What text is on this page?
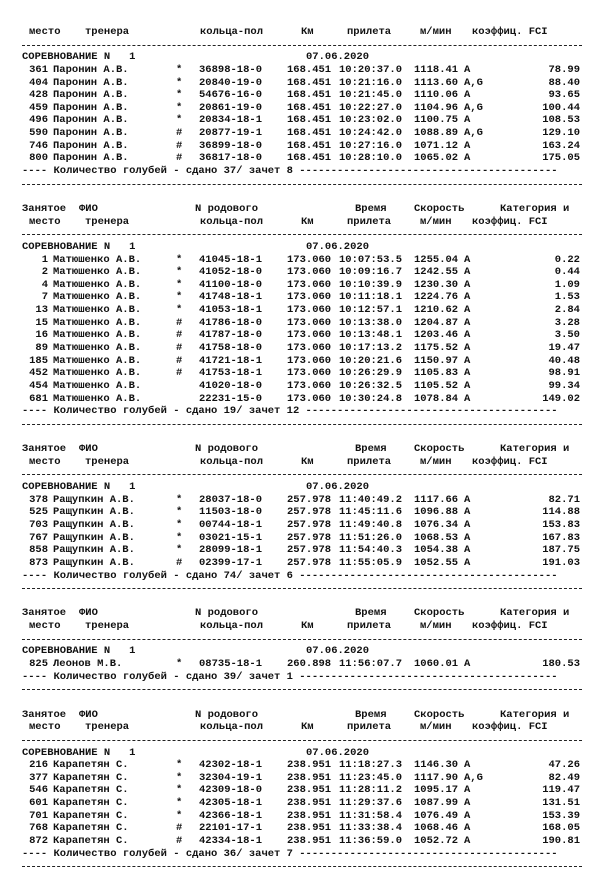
место тренера	кольца-пол	Км	прилета	м/мин коэффиц. FCI
СОРЕВНОВАНИЕ N   1	07.06.2020
361 Паронин А.В.	* 36898-18-0 168.451 10:20:37.0 1118.41 A	78.99
404 Паронин А.В.	* 20840-19-0 168.451 10:21:16.0 1113.60 A,G	88.40
428 Паронин А.В.	* 54676-16-0 168.451 10:21:45.0 1110.06 A	93.65
459 Паронин А.В.	* 20861-19-0 168.451 10:22:27.0 1104.96 A,G	100.44
496 Паронин А.В.	* 20834-18-1 168.451 10:23:02.0 1100.75 A	108.53
590 Паронин А.В.	# 20877-19-1 168.451 10:24:42.0 1088.89 A,G	129.10
746 Паронин А.В.	# 36899-18-0 168.451 10:27:16.0 1071.12 A	163.24
800 Паронин А.В.	# 36817-18-0 168.451 10:28:10.0 1065.02 A	175.05
---- Количество голубей - сдано 37/ зачет 8 -----------------------------------------
Занятое ФИО	N родового	Время	Скорость	Категория и
место тренера	кольца-пол	Км	прилета	м/мин коэффиц. FCI
СОРЕВНОВАНИЕ N   1	07.06.2020
1 Матюшенко А.В.	* 41045-18-1 173.060 10:07:53.5 1255.04 A	0.22
2 Матюшенко А.В.	* 41052-18-0 173.060 10:09:16.7 1242.55 A	0.44
4 Матюшенко А.В.	* 41100-18-0 173.060 10:10:39.9 1230.30 A	1.09
7 Матюшенко А.В.	* 41748-18-1 173.060 10:11:18.1 1224.76 A	1.53
13 Матюшенко А.В.	* 41053-18-1 173.060 10:12:57.1 1210.62 A	2.84
15 Матюшенко А.В.	# 41786-18-0 173.060 10:13:38.0 1204.87 A	3.28
16 Матюшенко А.В.	# 41787-18-0 173.060 10:13:48.1 1203.46 A	3.50
89 Матюшенко А.В.	# 41758-18-0 173.060 10:17:13.2 1175.52 A	19.47
185 Матюшенко А.В.	# 41721-18-1 173.060 10:20:21.6 1150.97 A	40.48
452 Матюшенко А.В.	# 41753-18-1 173.060 10:26:29.9 1105.83 A	98.91
454 Матюшенко А.В.	41020-18-0 173.060 10:26:32.5 1105.52 A	99.34
681 Матюшенко А.В.	22231-15-0 173.060 10:30:24.8 1078.84 A	149.02
---- Количество голубей - сдано 19/ зачет 12 ----------------------------------------
Занятое ФИО	N родового	Время	Скорость	Категория и
место тренера	кольца-пол	Км	прилета	м/мин коэффиц. FCI
СОРЕВНОВАНИЕ N   1	07.06.2020
378 Ращупкин А.В.	* 28037-18-0 257.978 11:40:49.2 1117.66 A	82.71
525 Ращупкин А.В.	* 11503-18-0 257.978 11:45:11.6 1096.88 A	114.88
703 Ращупкин А.В.	* 00744-18-1 257.978 11:49:40.8 1076.34 A	153.83
767 Ращупкин А.В.	* 03021-15-1 257.978 11:51:26.0 1068.53 A	167.83
858 Ращупкин А.В.	* 28099-18-1 257.978 11:54:40.3 1054.38 A	187.75
873 Ращупкин А.В.	# 02399-17-1 257.978 11:55:05.9 1052.55 A	191.03
---- Количество голубей - сдано 74/ зачет 6 -----------------------------------------
Занятое ФИО	N родового	Время	Скорость	Категория и
место тренера	кольца-пол	Км	прилета	м/мин коэффиц. FCI
СОРЕВНОВАНИЕ N   1	07.06.2020
825 Леонов М.В.	* 08735-18-1 260.898 11:56:07.7 1060.01 A	180.53
---- Количество голубей - сдано 39/ зачет 1 -----------------------------------------
Занятое ФИО	N родового	Время	Скорость	Категория и
место тренера	кольца-пол	Км	прилета	м/мин коэффиц. FCI
СОРЕВНОВАНИЕ N   1	07.06.2020
216 Карапетян С.	* 42302-18-1 238.951 11:18:27.3 1146.30 A	47.26
377 Карапетян С.	* 32304-19-1 238.951 11:23:45.0 1117.90 A,G	82.49
546 Карапетян С.	* 42309-18-0 238.951 11:28:11.2 1095.17 A	119.47
601 Карапетян С.	* 42305-18-1 238.951 11:29:37.6 1087.99 A	131.51
701 Карапетян С.	* 42366-18-1 238.951 11:31:58.4 1076.49 A	153.39
768 Карапетян С.	# 22101-17-1 238.951 11:33:38.4 1068.46 A	168.05
872 Карапетян С.	# 42334-18-1 238.951 11:36:59.0 1052.72 A	190.81
---- Количество голубей - сдано 36/ зачет 7 -----------------------------------------
